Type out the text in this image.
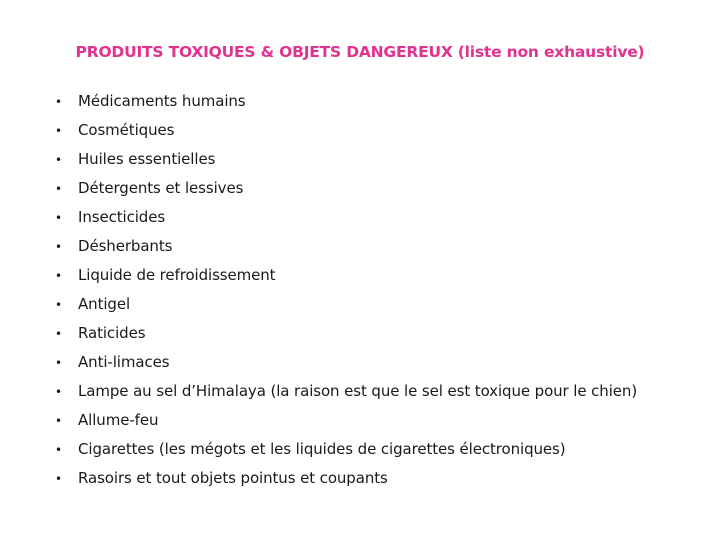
PRODUITS TOXIQUES & OBJETS DANGEREUX (liste non exhaustive)
•	Médicaments humains
•	Cosmétiques
•	Huiles essentielles
•	Détergents et lessives
•	Insecticides
•	Désherbants
•	Liquide de refroidissement
•	Antigel
•	Raticides
•	Anti-limaces
•	Lampe au sel d’Himalaya (la raison est que le sel est toxique pour le chien)
•	Allume-feu
•	Cigarettes (les mégots et les liquides de cigarettes électroniques)
•	Rasoirs et tout objets pointus et coupants
